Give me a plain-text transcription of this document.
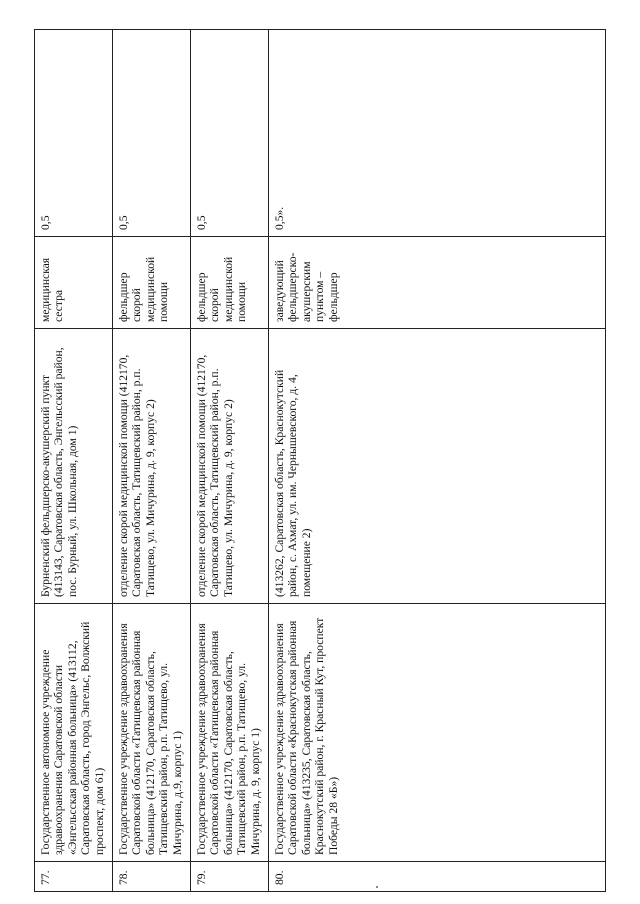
77.	Государственное автономное учреждение здравоохранения Саратовской области «Энгельсская районная больница» (413112, Саратовская область, город Энгельс, Волжский проспект, дом 61)	Бурненский фельдшерско-акушерский пункт (413143, Саратовская область, Энгельсский район, пос. Бурный, ул. Школьная, дом 1)	медицинская сестра	0,5
78.	Государственное учреждение здравоохранения Саратовской области «Татищевская районная больница» (412170, Саратовская область, Татищевский район, р.п. Татищево, ул. Мичурина, д.9, корпус 1)	отделение скорой медицинской помощи (412170, Саратовская область, Татищевский район, р.п. Татищево, ул. Мичурина, д. 9, корпус 2)	фельдшер скорой медицинской помощи	0,5
79.	Государственное учреждение здравоохранения Саратовской области «Татищевская районная больница» (412170, Саратовская область, Татищевский район, р.п. Татищево, ул. Мичурина, д. 9, корпус 1)	отделение скорой медицинской помощи (412170, Саратовская область, Татищевский район, р.п. Татищево, ул. Мичурина, д. 9, корпус 2)	фельдшер скорой медицинской помощи	0,5
80.	Государственное учреждение здравоохранения Саратовской области «Краснокутская районная больница» (413235, Саратовская область, Краснокутский район, г. Красный Кут, проспект Победы 28 «Б»)	(413262, Саратовская область, Краснокутский район, с. Ахмат, ул. им. Чернышевского, д. 4, помещение 2)	заведующий фельдшерско-акушерским пунктом – фельдшер	0,5».
